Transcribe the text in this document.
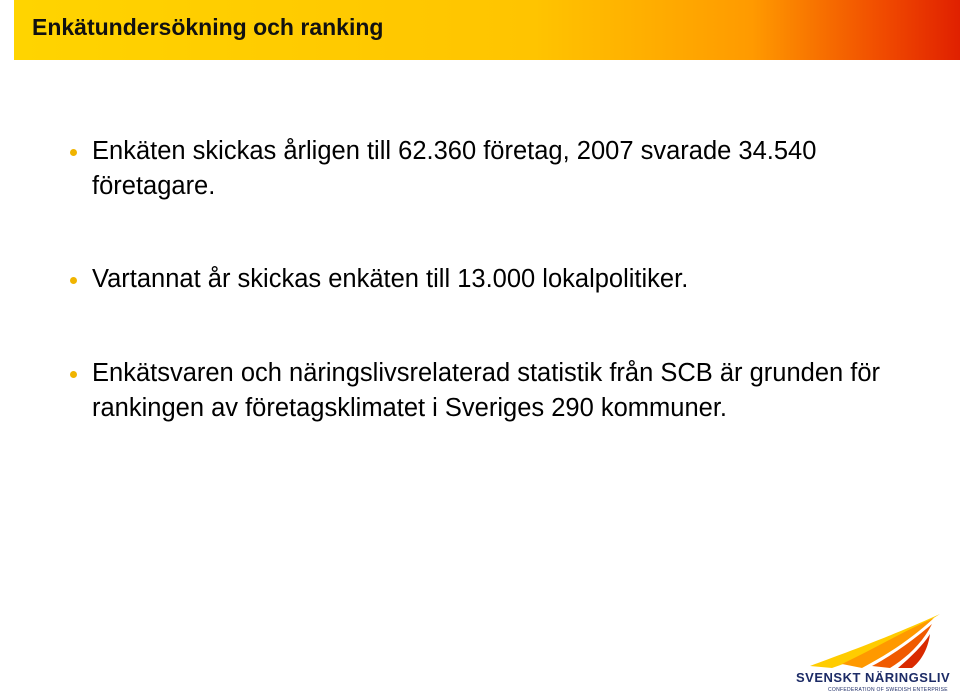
Enkätundersökning och ranking
Enkäten skickas årligen till 62.360 företag, 2007 svarade 34.540 företagare.
Vartannat år skickas enkäten till 13.000 lokalpolitiker.
Enkätsvaren och näringslivsrelaterad statistik från SCB är grunden för rankingen av företagsklimatet i Sveriges 290 kommuner.
SVENSKT NÄRINGSLIV
CONFEDERATION OF SWEDISH ENTERPRISE
